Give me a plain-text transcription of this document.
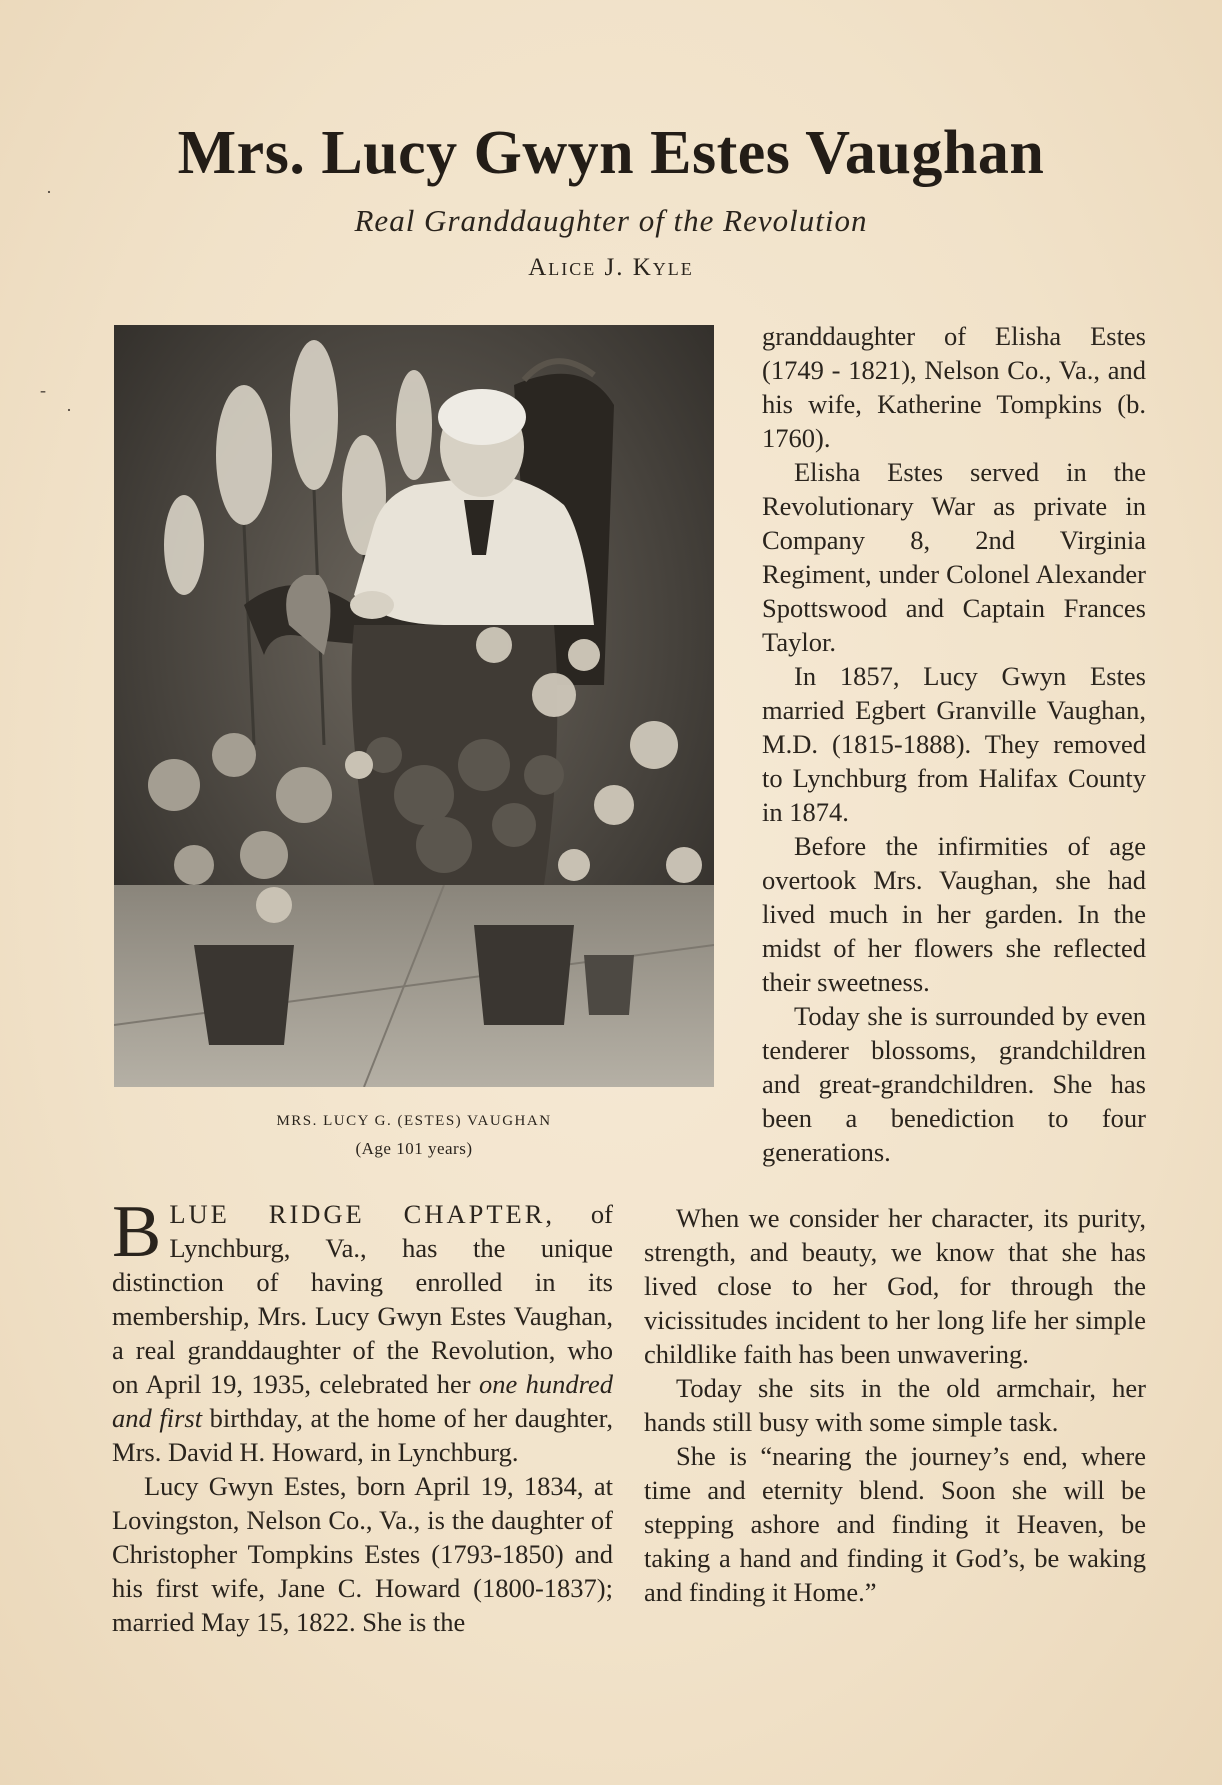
·
-
·
Mrs. Lucy Gwyn Estes Vaughan
Real Granddaughter of the Revolution
Alice J. Kyle
MRS. LUCY G. (ESTES) VAUGHAN
(Age 101 years)

granddaughter of Elisha Estes (1749 - 1821), Nelson Co., Va., and his wife, Katherine Tompkins (b. 1760).

Elisha Estes served in the Revolutionary War as private in Company 8, 2nd Virginia Regiment, under Colonel Alexander Spottswood and Captain Frances Taylor.

In 1857, Lucy Gwyn Estes married Egbert Granville Vaughan, M.D. (1815-1888). They removed to Lynchburg from Halifax County in 1874.

Before the infirmities of age overtook Mrs. Vaughan, she had lived much in her garden. In the midst of her flowers she reflected their sweetness.

Today she is surrounded by even tenderer blossoms, grandchildren and great-grandchildren. She has been a benediction to four generations.

BLUE RIDGE CHAPTER, of Lynchburg, Va., has the unique distinction of having enrolled in its membership, Mrs. Lucy Gwyn Estes Vaughan, a real granddaughter of the Revolution, who on April 19, 1935, celebrated her one hundred and first birthday, at the home of her daughter, Mrs. David H. Howard, in Lynchburg.

Lucy Gwyn Estes, born April 19, 1834, at Lovingston, Nelson Co., Va., is the daughter of Christopher Tompkins Estes (1793-1850) and his first wife, Jane C. Howard (1800-1837); married May 15, 1822. She is the

When we consider her character, its purity, strength, and beauty, we know that she has lived close to her God, for through the vicissitudes incident to her long life her simple childlike faith has been unwavering.

Today she sits in the old armchair, her hands still busy with some simple task.

She is “nearing the journey’s end, where time and eternity blend. Soon she will be stepping ashore and finding it Heaven, be taking a hand and finding it God’s, be waking and finding it Home.”
